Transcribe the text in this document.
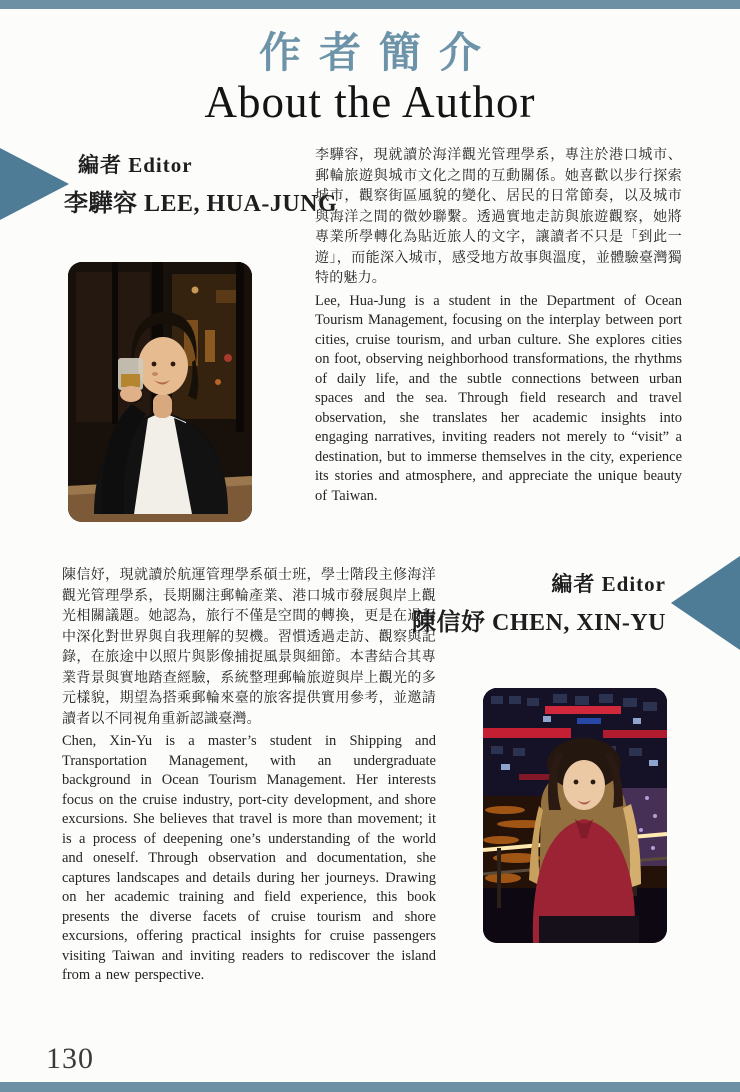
作者簡介
About the Author
編者 Editor
李驊容 LEE, HUA-JUNG
李驊容，現就讀於海洋觀光管理學系，專注於港口城市、郵輪旅遊與城市文化之間的互動關係。她喜歡以步行探索城市，觀察街區風貌的變化、居民的日常節奏，以及城市與海洋之間的微妙聯繫。透過實地走訪與旅遊觀察，她將專業所學轉化為貼近旅人的文字，讓讀者不只是「到此一遊」，而能深入城市，感受地方故事與溫度，並體驗臺灣獨特的魅力。
Lee, Hua-Jung is a student in the Department of Ocean Tourism Management, focusing on the interplay between port cities, cruise tourism, and urban culture. She explores cities on foot, observing neighborhood transformations, the rhythms of daily life, and the subtle connections between urban spaces and the sea. Through field research and travel observation, she translates her academic insights into engaging narratives, inviting readers not merely to “visit” a destination, but to immerse themselves in the city, experience its stories and atmosphere, and appreciate the unique beauty of Taiwan.
編者 Editor
陳信妤 CHEN, XIN-YU
陳信妤，現就讀於航運管理學系碩士班，學士階段主修海洋觀光管理學系，長期關注郵輪產業、港口城市發展與岸上觀光相關議題。她認為，旅行不僅是空間的轉換，更是在過程中深化對世界與自我理解的契機。習慣透過走訪、觀察與記錄，在旅途中以照片與影像捕捉風景與細節。本書結合其專業背景與實地踏查經驗，系統整理郵輪旅遊與岸上觀光的多元樣貌，期望為搭乘郵輪來臺的旅客提供實用參考，並邀請讀者以不同視角重新認識臺灣。
Chen, Xin-Yu is a master’s student in Shipping and Transportation Management, with an undergraduate background in Ocean Tourism Management. Her interests focus on the cruise industry, port-city development, and shore excursions. She believes that travel is more than movement; it is a process of deepening one’s understanding of the world and oneself. Through observation and documentation, she captures landscapes and details during her journeys. Drawing on her academic training and field experience, this book presents the diverse facets of cruise tourism and shore excursions, offering practical insights for cruise passengers visiting Taiwan and inviting readers to rediscover the island from a new perspective.
130
